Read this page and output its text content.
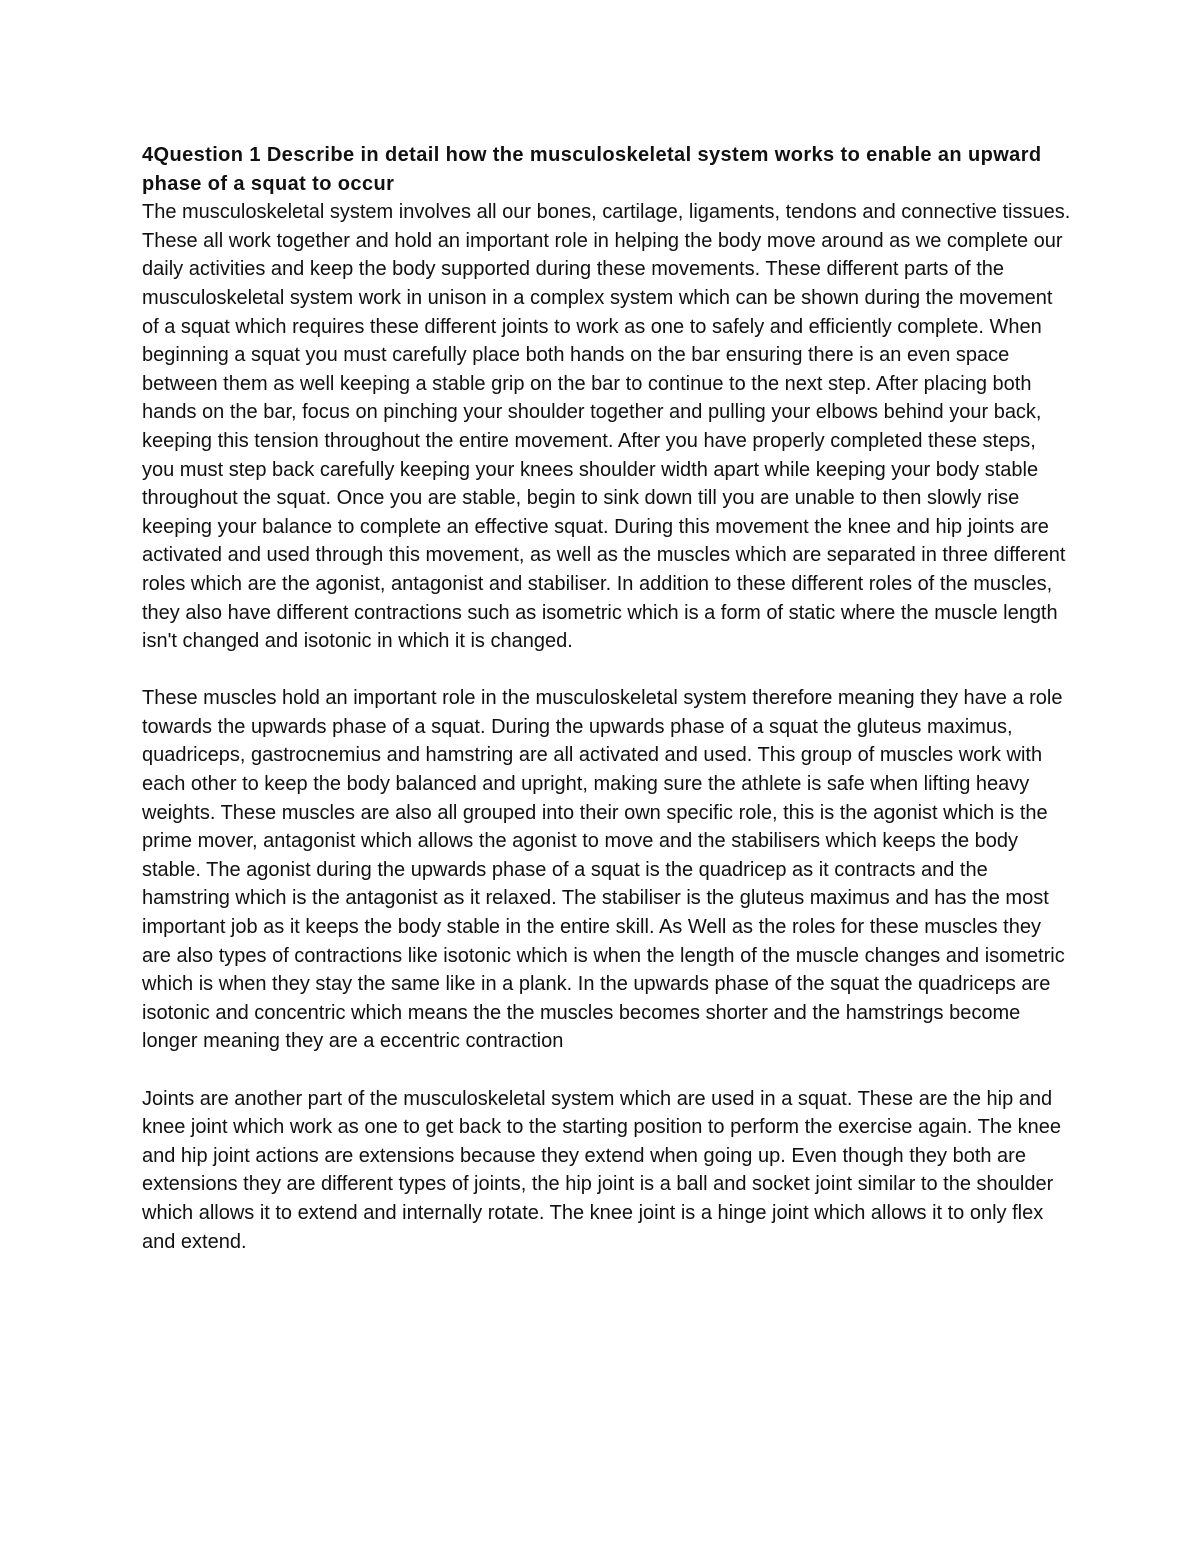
4Question 1 Describe in detail how the musculoskeletal system works to enable an upward phase of a squat to occur

The musculoskeletal system involves all our bones, cartilage, ligaments, tendons and connective tissues. These all work together and hold an important role in helping the body move around as we complete our daily activities and keep the body supported during these movements. These different parts of the musculoskeletal system work in unison in a complex system which can be shown during the movement of a squat which requires these different joints to work as one to safely and efficiently complete. When beginning a squat you must carefully place both hands on the bar ensuring there is an even space between them as well keeping a stable grip on the bar to continue to the next step. After placing both hands on the bar, focus on pinching your shoulder together and pulling your elbows behind your back, keeping this tension throughout the entire movement. After you have properly completed these steps, you must step back carefully keeping your knees shoulder width apart while keeping your body stable throughout the squat. Once you are stable, begin to sink down till you are unable to then slowly rise keeping your balance to complete an effective squat. During this movement the knee and hip joints are activated and used through this movement, as well as the muscles which are separated in three different roles which are the agonist, antagonist and stabiliser. In addition to these different roles of the muscles, they also have different contractions such as isometric which is a form of static where the muscle length isn't changed and isotonic in which it is changed.

These muscles hold an important role in the musculoskeletal system therefore meaning they have a role towards the upwards phase of a squat. During the upwards phase of a squat the gluteus maximus, quadriceps, gastrocnemius and hamstring are all activated and used. This group of muscles work with each other to keep the body balanced and upright, making sure the athlete is safe when lifting heavy weights. These muscles are also all grouped into their own specific role, this is the agonist which is the prime mover, antagonist which allows the agonist to move and the stabilisers which keeps the body stable. The agonist during the upwards phase of a squat is the quadricep as it contracts and the hamstring which is the antagonist as it relaxed. The stabiliser is the gluteus maximus and has the most important job as it keeps the body stable in the entire skill. As Well as the roles for these muscles they are also types of contractions like isotonic which is when the length of the muscle changes and isometric which is when they stay the same like in a plank. In the upwards phase of the squat the quadriceps are isotonic and concentric which means the the muscles becomes shorter and the hamstrings become longer meaning they are a eccentric contraction

Joints are another part of the musculoskeletal system which are used in a squat. These are the hip and knee joint which work as one to get back to the starting position to perform the exercise again. The knee and hip joint actions are extensions because they extend when going up. Even though they both are extensions they are different types of joints, the hip joint is a ball and socket joint similar to the shoulder which allows it to extend and internally rotate. The knee joint is a hinge joint which allows it to only flex and extend.
